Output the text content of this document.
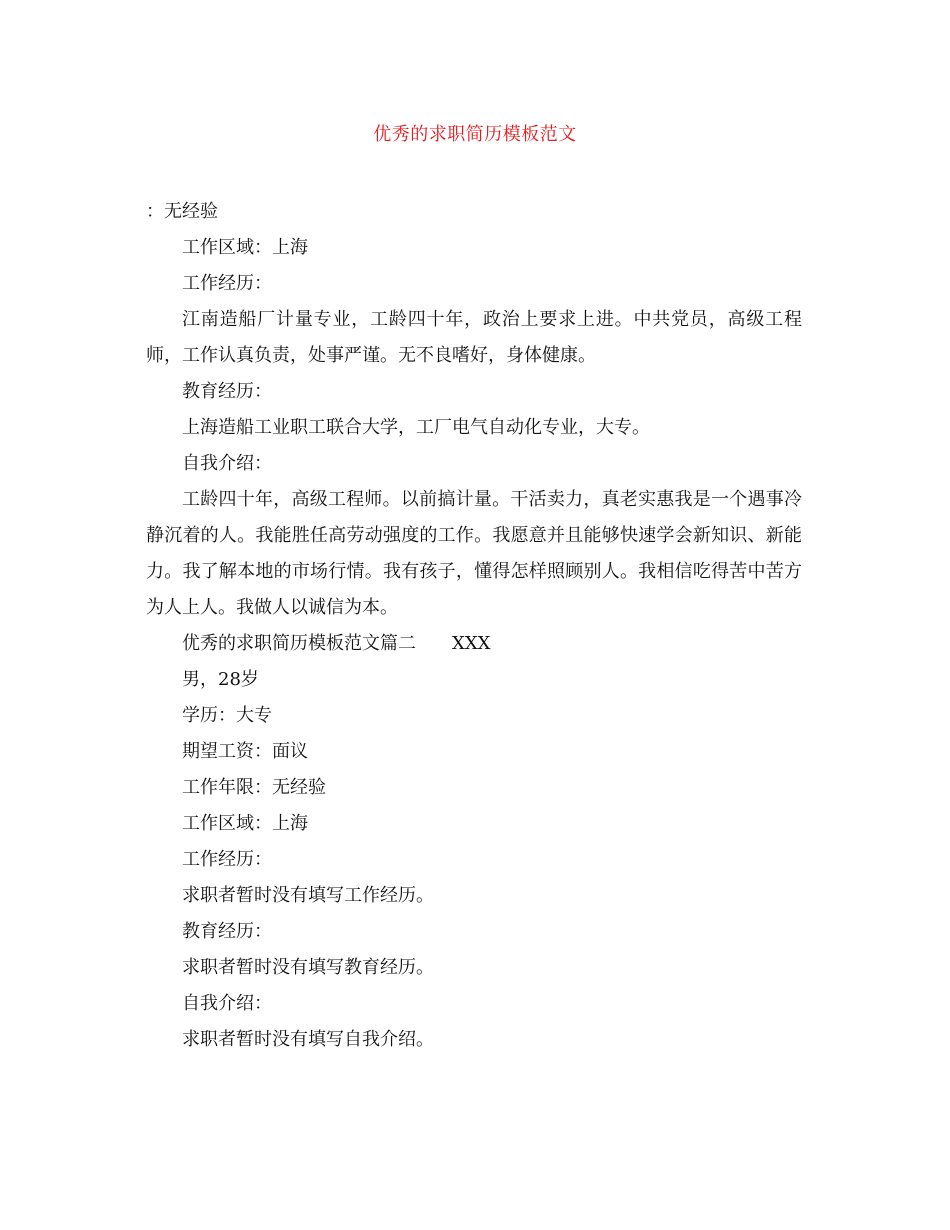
优秀的求职简历模板范文

：无经验

工作区域：上海

工作经历：

江南造船厂计量专业，工龄四十年，政治上要求上进。中共党员，高级工程师，工作认真负责，处事严谨。无不良嗜好，身体健康。

教育经历：

上海造船工业职工联合大学，工厂电气自动化专业，大专。

自我介绍：

工龄四十年，高级工程师。以前搞计量。干活卖力，真老实惠我是一个遇事冷静沉着的人。我能胜任高劳动强度的工作。我愿意并且能够快速学会新知识、新能力。我了解本地的市场行情。我有孩子，懂得怎样照顾别人。我相信吃得苦中苦方为人上人。我做人以诚信为本。

优秀的求职简历模板范文篇二 XXX

男，28岁

学历：大专

期望工资：面议

工作年限：无经验

工作区域：上海

工作经历：

求职者暂时没有填写工作经历。

教育经历：

求职者暂时没有填写教育经历。

自我介绍：

求职者暂时没有填写自我介绍。
